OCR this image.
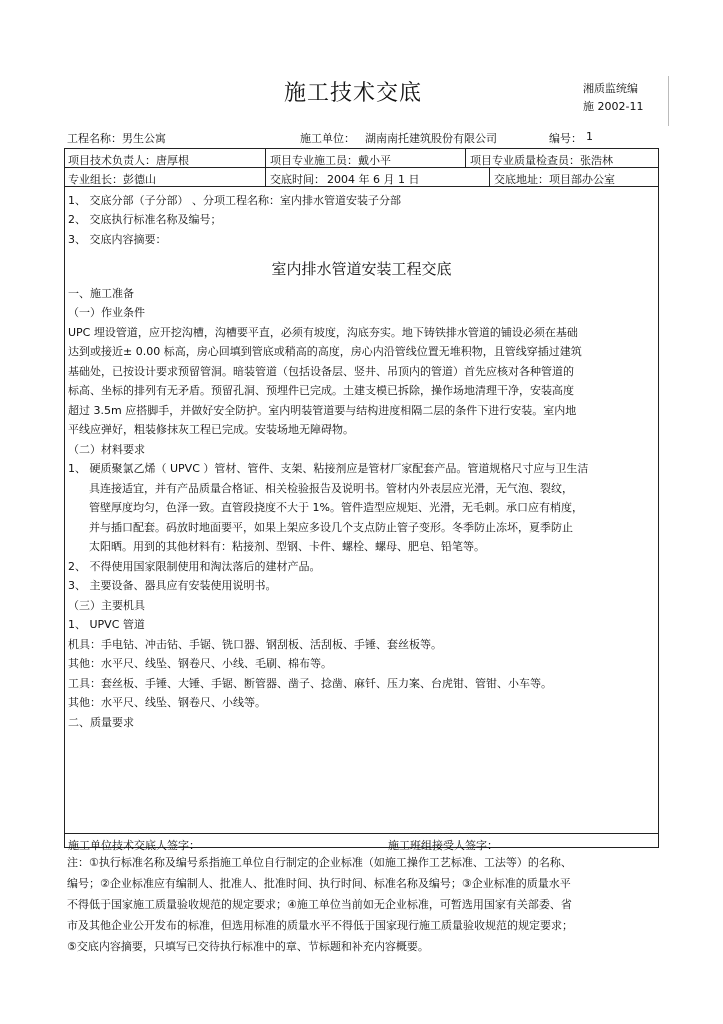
施工技术交底	湘质监统编
施 2002-11
工程名称：男生公寓	施工单位： 湖南南托建筑股份有限公司	编号： 1
项目技术负责人：唐厚根	项目专业施工员：戴小平	项目专业质量检查员：张浩林
专业组长：彭德山	交底时间： 2004 年 6 月 1 日	交底地址：项目部办公室
1、 交底分部（子分部） 、分项工程名称：室内排水管道安装子分部
2、 交底执行标准名称及编号；
3、 交底内容摘要：
室内排水管道安装工程交底
一、施工准备
（一）作业条件
UPC 埋设管道，应开挖沟槽，沟槽要平直，必须有坡度，沟底夯实。地下铸铁排水管道的铺设必须在基础
达到或接近± 0.00 标高，房心回填到管底或稍高的高度，房心内沿管线位置无堆积物，且管线穿插过建筑
基础处，已按设计要求预留管洞。暗装管道（包括设备层、竖井、吊顶内的管道）首先应核对各种管道的
标高、坐标的排列有无矛盾。预留孔洞、预埋件已完成。土建支模已拆除，操作场地清理干净，安装高度
超过 3.5m 应搭脚手，并做好安全防护。室内明装管道要与结构进度相隔二层的条件下进行安装。室内地
平线应弹好，粗装修抹灰工程已完成。安装场地无障碍物。
（二）材料要求
1、 硬质聚氯乙烯（ UPVC ）管材、管件、支架、粘接剂应是管材厂家配套产品。管道规格尺寸应与卫生洁
具连接适宜，并有产品质量合格证、相关检验报告及说明书。管材内外表层应光滑，无气泡、裂纹，
管壁厚度均匀，色泽一致。直管段挠度不大于 1%。管件造型应规矩、光滑，无毛刺。承口应有梢度，
并与插口配套。码放时地面要平，如果上架应多设几个支点防止管子变形。冬季防止冻坏，夏季防止
太阳晒。用到的其他材料有：粘接剂、型钢、卡件、螺栓、螺母、肥皂、铅笔等。
2、 不得使用国家限制使用和淘汰落后的建材产品。
3、 主要设备、器具应有安装使用说明书。
（三）主要机具
1、 UPVC 管道
机具：手电钻、冲击钻、手锯、铣口器、钢刮板、活刮板、手锤、套丝板等。
其他：水平尺、线坠、钢卷尺、小线、毛刷、棉布等。
工具：套丝板、手锤、大锤、手锯、断管器、凿子、捻凿、麻钎、压力案、台虎钳、管钳、小车等。
其他：水平尺、线坠、钢卷尺、小线等。
二、质量要求
施工单位技术交底人签字：	施工班组接受人签字：
注：①执行标准名称及编号系指施工单位自行制定的企业标准（如施工操作工艺标准、工法等）的名称、
编号；②企业标准应有编制人、批准人、批准时间、执行时间、标准名称及编号；③企业标准的质量水平
不得低于国家施工质量验收规范的规定要求；④施工单位当前如无企业标准，可暂选用国家有关部委、省
市及其他企业公开发布的标准，但选用标准的质量水平不得低于国家现行施工质量验收规范的规定要求；
⑤交底内容摘要，只填写已交待执行标准中的章、节标题和补充内容概要。
